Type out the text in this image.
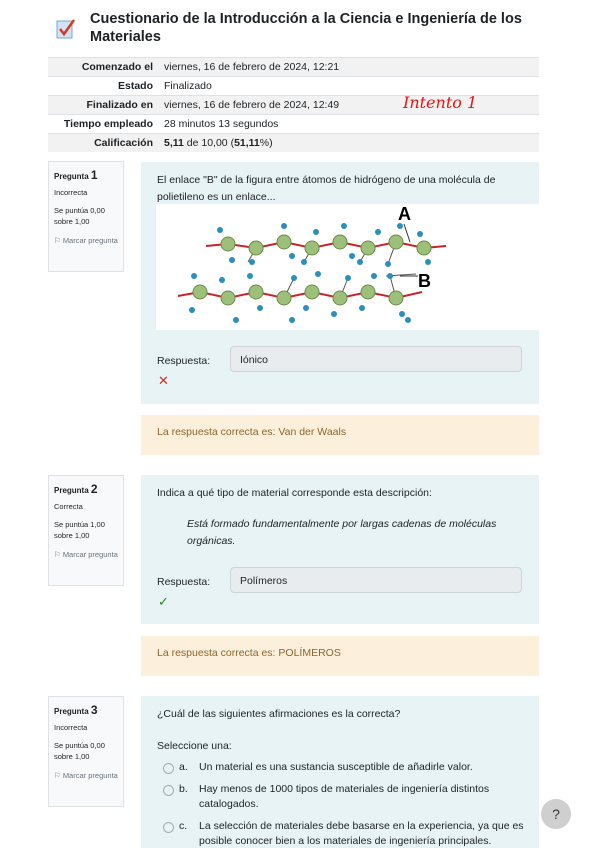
Cuestionario de la Introducción a la Ciencia e Ingeniería de los Materiales
Comenzado el	viernes, 16 de febrero de 2024, 12:21
Estado	Finalizado
Finalizado en	viernes, 16 de febrero de 2024, 12:49
Tiempo empleado	28 minutos 13 segundos
Calificación	5,11 de 10,00 (51,11%)
Intento 1
Pregunta 1
Incorrecta
Se puntúa 0,00 sobre 1,00
⚐ Marcar pregunta
El enlace "B" de la figura entre átomos de hidrógeno de una molécula de polietileno es un enlace...
A
B
Respuesta:	Iónico
✕
La respuesta correcta es: Van der Waals
Pregunta 2
Correcta
Se puntúa 1,00 sobre 1,00
⚐ Marcar pregunta
Indica a qué tipo de material corresponde esta descripción:
Está formado fundamentalmente por largas cadenas de moléculas orgánicas.
Respuesta:	Polímeros
✓
La respuesta correcta es: POLÍMEROS
Pregunta 3
Incorrecta
Se puntúa 0,00 sobre 1,00
⚐ Marcar pregunta
¿Cuál de las siguientes afirmaciones es la correcta?
Seleccione una:
a. Un material es una sustancia susceptible de añadirle valor.
b. Hay menos de 1000 tipos de materiales de ingeniería distintos catalogados.
c. La selección de materiales debe basarse en la experiencia, ya que es posible conocer bien a los materiales de ingeniería principales.
?
